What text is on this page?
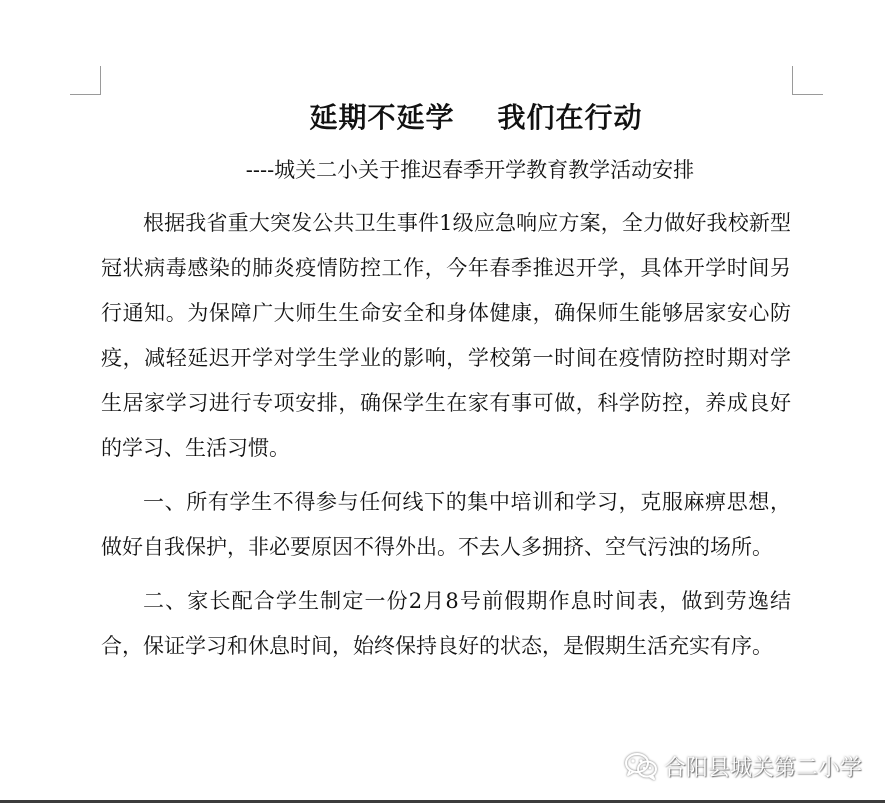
延期不延学    我们在行动
----城关二小关于推迟春季开学教育教学活动安排

根据我省重大突发公共卫生事件1级应急响应方案，全力做好我校新型冠状病毒感染的肺炎疫情防控工作，今年春季推迟开学，具体开学时间另行通知。为保障广大师生生命安全和身体健康，确保师生能够居家安心防疫，减轻延迟开学对学生学业的影响，学校第一时间在疫情防控时期对学生居家学习进行专项安排，确保学生在家有事可做，科学防控，养成良好的学习、生活习惯。

一、所有学生不得参与任何线下的集中培训和学习，克服麻痹思想，做好自我保护，非必要原因不得外出。不去人多拥挤、空气污浊的场所。

二、家长配合学生制定一份2月8号前假期作息时间表，做到劳逸结合，保证学习和休息时间，始终保持良好的状态，是假期生活充实有序。

合阳县城关第二小学
